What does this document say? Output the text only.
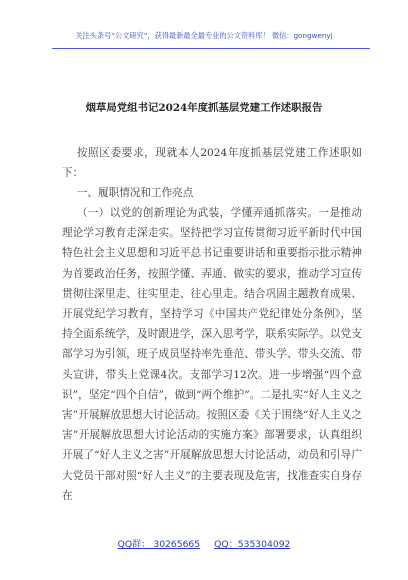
关注头条号“公文研究”，获得最新最全最专业的公文资料库！ 微信：gongwenyj
烟草局党组书记2024年度抓基层党建工作述职报告
按照区委要求，现就本人2024年度抓基层党建工作述职如下：
一、履职情况和工作亮点
（一）以党的创新理论为武装，学懂弄通抓落实。一是推动理论学习教育走深走实。坚持把学习宣传贯彻习近平新时代中国特色社会主义思想和习近平总书记重要讲话和重要指示批示精神为首要政治任务，按照学懂、弄通、做实的要求，推动学习宣传贯彻往深里走、往实里走、往心里走。结合巩固主题教育成果、开展党纪学习教育，坚持学习《中国共产党纪律处分条例》，坚持全面系统学，及时跟进学，深入思考学，联系实际学。以党支部学习为引领，班子成员坚持率先垂范、带头学、带头交流、带头宣讲，带头上党课4次。支部学习12次。进一步增强“四个意识”，坚定“四个自信”，做到“两个维护”。二是扎实“好人主义之害”开展解放思想大讨论活动。按照区委《关于围绕“好人主义之害”开展解放思想大讨论活动的实施方案》部署要求，认真组织开展了“好人主义之害”开展解放思想大讨论活动，动员和引导广大党员干部对照“好人主义”的主要表现及危害，找准查实自身存在
QQ群： 30265665 QQ：535304092
